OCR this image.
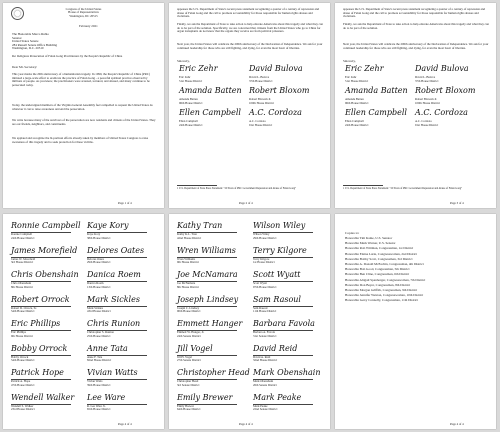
Congress of the United States
House of Representatives
Washington, DC 20515
February 2021
The Honorable Marco Rubio
Senator
United States Senate
284 Russell Senate Office Building
Washington, D.C. 20510
Re: Religious Persecution of Falun Gong Practitioners by the People's Republic of China
Dear Mr. Secretary:
This year marks the 20th anniversary of a humanitarian tragedy. In 1999, the People's Republic of China (PRC) initiated a large-scale effort to eradicate the practice of Falun Gong - a peaceful spiritual practice observed by millions of people. As you know, the practitioners were arrested, tortured, and abused, and many continue to be persecuted today.
Today, the undersigned members of the Virginia General Assembly feel compelled to request the United States do whatever it can to raise awareness and end the persecution.
We write because many of the survivors of the persecution are now residents and citizens of the United States. They are our friends, neighbors, and constituents.
We applaud and recognize the bi-partisan efforts already taken by members of United States Congress to raise awareness of this tragedy and to seek protection for these victims.
Page 1 of 4
appeases the U.S. Department of State's recent press statement recognizing a quarter of a century of repression and abuse of Falun Gong and the call to promote accountability for those responsible for human rights abuses and violations.
Finally, we ask the Department of State to take action to help educate Americans about this tragedy and what they can do to be part of the solution. Specifically, we are concerned that citizens from the United States who go to China for organ transplants do not know that the organs they receive are from political prisoners.
Next year, the United States will celebrate the 200th anniversary of the Declaration of Independence. We ask for your continued leadership for those who are still fighting, and dying, for even the most basic of liberties.
Sincerely,
Eric Zehr
Eric Zehr
51st House District
David Bulova
David L. Bulova
37th House District
Amanda Batten
Amanda Batten
96th House District
Robert Bloxom
Robert Bloxom Jr.
100th House District
Ellen Campbell
Ellen Campbell
24th House District
A.C. Cordoza
A.C. Cordoza
91st House District
1 U.S. Department of State Press Statement: "20 Years of PRC Government Repression and Abuse of Falun Gong"
Page 2 of 4
appeases the U.S. Department of State's recent press statement recognizing a quarter of a century of repression and abuse of Falun Gong and the call to promote accountability for those responsible for human rights abuses and violations.
Finally, we ask the Department of State to take action to help educate Americans about this tragedy and what they can do to be part of the solution.
Next year, the United States will celebrate the 200th anniversary of the Declaration of Independence. We ask for your continued leadership for those who are still fighting, and dying, for even the most basic of liberties.
Sincerely,
Eric Zehr
Eric Zehr
51st House District
David Bulova
David L. Bulova
37th House District
Amanda Batten
Amanda Batten
96th House District
Robert Bloxom
Robert Bloxom Jr.
100th House District
Ellen Campbell
Ellen Campbell
24th House District
A.C. Cordoza
A.C. Cordoza
91st House District
1 U.S. Department of State Press Statement: "20 Years of PRC Government Repression and Abuse of Falun Gong"
Page 3 of 4
Ronnie Campbell
Ronnie Campbell
24th House District
James Morefield
James W. Morefield
3rd House District
Chris Obenshain
Chris Obenshain
8th House District
Robert Orrock
Robert D. Orrock, Sr.
54th House District
Eric Phillips
Eric Phillips
9th House District
Bobby Orrock
Bobby Orrock
54th House District
Patrick Hope
Patrick A. Hope
47th House District
Wendell Walker
Wendell S. Walker
23rd House District
Kaye Kory
Kaye Kory
38th House District
Delores Oates
Delores Oates
29th House District
Danica Roem
Danica Roem
13th House District
Mark Sickles
Mark Sickles
43rd House District
Chris Runion
Christopher S. Runion
25th House District
Anne Tata
Anne F. Tata
82nd House District
Vivian Watts
Vivian Watts
39th House District
Lee Ware
R. Lee Ware Jr.
65th House District
Page 4 of 4
Kathy Tran
Kathy K.L. Tran
42nd House District
Wren Williams
Wren Williams
9th House District
Joe McNamara
Joe McNamara
8th House District
Joseph Lindsey
Joseph C. Lindsey
90th House District
Emmett Hanger
Emmett W. Hanger, Jr.
24th Senate District
Jill Vogel
Jill H. Vogel
27th Senate District
Christopher Head
Christopher Head
3rd Senate District
Emily Brewer
Emily Brewer
64th House District
Wilson Wiley
Wilson Wiley
29th House District
Terry Kilgore
Terry Kilgore
1st House District
Scott Wyatt
Scott Wyatt
97th House District
Sam Rasoul
Sam Rasoul
11th House District
Barbara Favola
Barbara A. Favola
31st Senate District
David Reid
David A. Reid
32nd House District
Mark Obenshain
Mark Obenshain
26th Senate District
Mark Peake
Mark Peake
22nd Senate District
Page 4 of 4
Copies to:
Honorable Tim Kaine, U.S. Senator
Honorable Mark Warner, U.S. Senator
Honorable Rob Wittman, Congressman, 1st District
Honorable Elaine Luria, Congresswoman, 2nd District
Honorable Bobby Scott, Congressman, 3rd District
Honorable A. Donald McEachin, Congressman, 4th District
Honorable Bob Good, Congressman, 5th District
Honorable Ben Cline, Congressman, 6th District
Honorable Abigail Spanberger, Congresswoman, 7th District
Honorable Don Beyer, Congressman, 8th District
Honorable Morgan Griffith, Congressman, 9th District
Honorable Jennifer Wexton, Congresswoman, 10th District
Honorable Gerry Connolly, Congressman, 11th District
Page 4 of 4
